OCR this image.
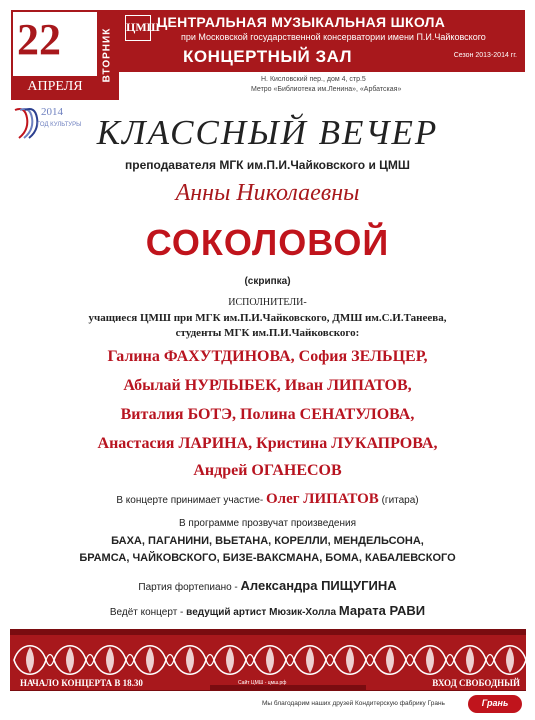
22	ВТОРНИК
АПРЕЛЯ
ЦМШ
ЦЕНТРАЛЬНАЯ МУЗЫКАЛЬНАЯ ШКОЛА
при Московской государственной консерватории имени П.И.Чайковского
КОНЦЕРТНЫЙ ЗАЛ	Сезон 2013-2014 гг.
Н. Кисловский пер., дом 4, стр.5
Метро «Библиотека им.Ленина», «Арбатская»
2014
ГОД КУЛЬТУРЫ КЛАССНЫЙ ВЕЧЕР
преподавателя МГК им.П.И.Чайковского и ЦМШ
Анны Николаевны
СОКОЛОВОЙ
(скрипка)
ИСПОЛНИТЕЛИ-
учащиеся ЦМШ при МГК им.П.И.Чайковского, ДМШ им.С.И.Танеева,
студенты МГК им.П.И.Чайковского:
Галина ФАХУТДИНОВА, София ЗЕЛЬЦЕР,
Абылай НУРЛЫБЕК, Иван ЛИПАТОВ,
Виталия БОТЭ, Полина СЕНАТУЛОВА,
Анастасия ЛАРИНА, Кристина ЛУКАПРОВА,
Андрей ОГАНЕСОВ
В концерте принимает участие- Олег ЛИПАТОВ (гитара)
В программе прозвучат произведения
БАХА, ПАГАНИНИ, ВЬЕТАНА, КОРЕЛЛИ, МЕНДЕЛЬСОНА,
БРАМСА, ЧАЙКОВСКОГО, БИЗЕ-ВАКСМАНА, БОМА, КАБАЛЕВСКОГО
Партия фортепиано - Александра ПИЩУГИНА
Ведёт концерт - ведущий артист Мюзик-Холла Марата РАВИ
НАЧАЛО КОНЦЕРТА В 18.30	Сайт ЦМШ - цмш.рф	ВХОД СВОБОДНЫЙ
Мы благодарим наших друзей Кондитерскую фабрику Грань	Грань
